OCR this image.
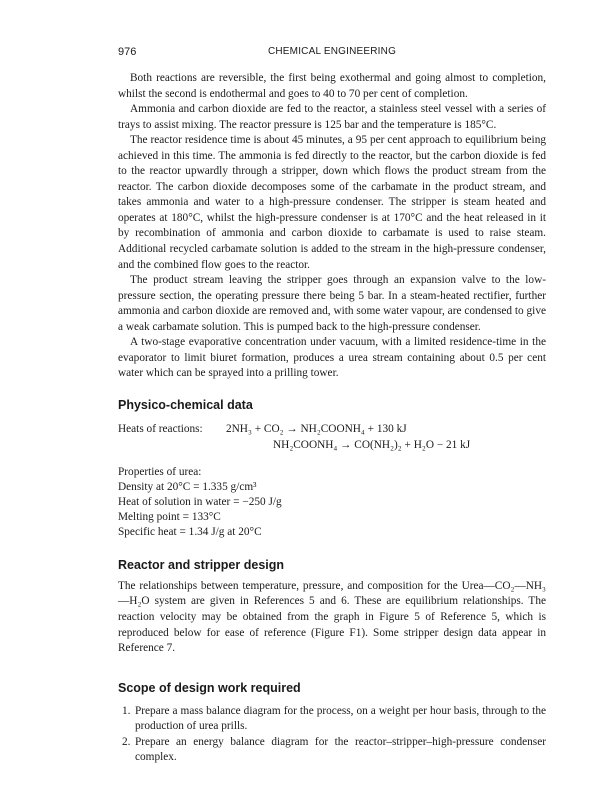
976	CHEMICAL ENGINEERING

Both reactions are reversible, the first being exothermal and going almost to completion, whilst the second is endothermal and goes to 40 to 70 per cent of completion.

Ammonia and carbon dioxide are fed to the reactor, a stainless steel vessel with a series of trays to assist mixing. The reactor pressure is 125 bar and the temperature is 185°C.

The reactor residence time is about 45 minutes, a 95 per cent approach to equilibrium being achieved in this time. The ammonia is fed directly to the reactor, but the carbon dioxide is fed to the reactor upwardly through a stripper, down which flows the product stream from the reactor. The carbon dioxide decomposes some of the carbamate in the product stream, and takes ammonia and water to a high-pressure condenser. The stripper is steam heated and operates at 180°C, whilst the high-pressure condenser is at 170°C and the heat released in it by recombination of ammonia and carbon dioxide to carbamate is used to raise steam. Additional recycled carbamate solution is added to the stream in the high-pressure condenser, and the combined flow goes to the reactor.

The product stream leaving the stripper goes through an expansion valve to the low-pressure section, the operating pressure there being 5 bar. In a steam-heated rectifier, further ammonia and carbon dioxide are removed and, with some water vapour, are condensed to give a weak carbamate solution. This is pumped back to the high-pressure condenser.

A two-stage evaporative concentration under vacuum, with a limited residence-time in the evaporator to limit biuret formation, produces a urea stream containing about 0.5 per cent water which can be sprayed into a prilling tower.

Physico-chemical data
Heats of reactions:	2NH₃ + CO₂ → NH₂COONH₄ + 130 kJ
NH₂COONH₄ → CO(NH₂)₂ + H₂O − 21 kJ
Properties of urea:
Density at 20°C = 1.335 g/cm³
Heat of solution in water = −250 J/g
Melting point = 133°C
Specific heat = 1.34 J/g at 20°C
Reactor and stripper design
The relationships between temperature, pressure, and composition for the Urea—CO₂—NH₃—H₂O system are given in References 5 and 6. These are equilibrium relationships. The reaction velocity may be obtained from the graph in Figure 5 of Reference 5, which is reproduced below for ease of reference (Figure F1). Some stripper design data appear in Reference 7.
Scope of design work required
1. Prepare a mass balance diagram for the process, on a weight per hour basis, through to the production of urea prills.
2. Prepare an energy balance diagram for the reactor–stripper–high-pressure condenser complex.
